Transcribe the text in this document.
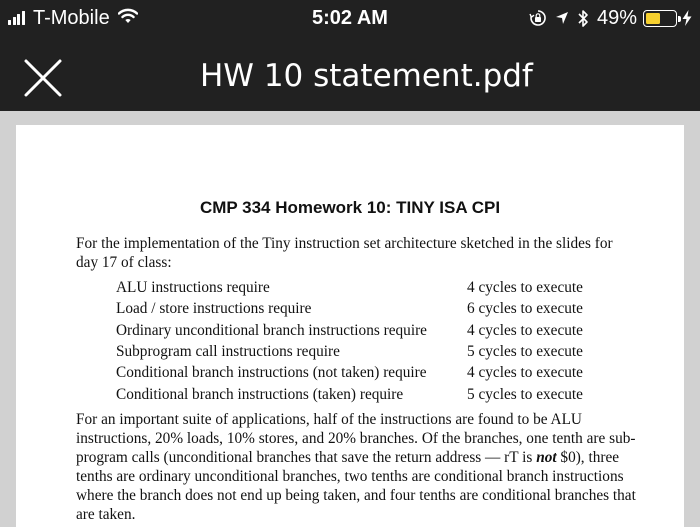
T-Mobile	5:02 AM	49%
HW 10 statement.pdf
CMP 334 Homework 10: TINY ISA CPI
For the implementation of the Tiny instruction set architecture sketched in the slides for day 17 of class:
ALU instructions require	4 cycles to execute
Load / store instructions require	6 cycles to execute
Ordinary unconditional branch instructions require	4 cycles to execute
Subprogram call instructions require	5 cycles to execute
Conditional branch instructions (not taken) require	4 cycles to execute
Conditional branch instructions (taken) require	5 cycles to execute
For an important suite of applications, half of the instructions are found to be ALU instructions, 20% loads, 10% stores, and 20% branches. Of the branches, one tenth are sub-program calls (unconditional branches that save the return address — rT is not $0), three tenths are ordinary unconditional branches, two tenths are conditional branch instructions where the branch does not end up being taken, and four tenths are conditional branches that are taken.
